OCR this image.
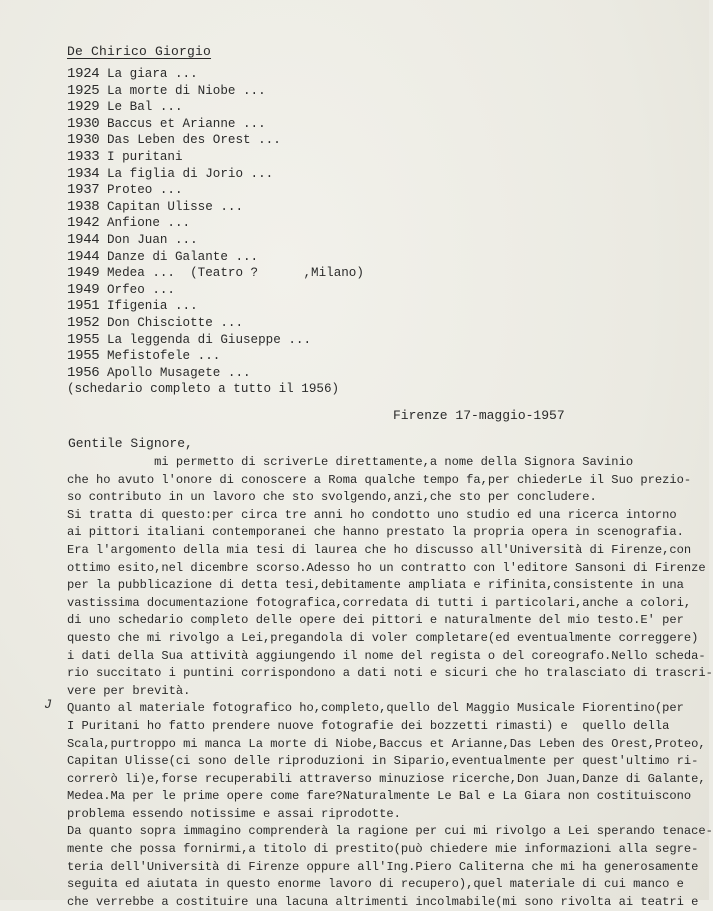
De Chirico Giorgio
1924 La giara ...
1925 La morte di Niobe ...
1929 Le Bal ...
1930 Baccus et Arianne ...
1930 Das Leben des Orest ...
1933 I puritani
1934 La figlia di Jorio ...
1937 Proteo ...
1938 Capitan Ulisse ...
1942 Anfione ...
1944 Don Juan ...
1944 Danze di Galante ...
1949 Medea ...  (Teatro ?      ,Milano)
1949 Orfeo ...
1951 Ifigenia ...
1952 Don Chisciotte ...
1955 La leggenda di Giuseppe ...
1955 Mefistofele ...
1956 Apollo Musagete ...
(schedario completo a tutto il 1956)
Firenze 17-maggio-1957
Gentile Signore,
J
mi permetto di scriverLe direttamente,a nome della Signora Savinio
che ho avuto l'onore di conoscere a Roma qualche tempo fa,per chiederLe il Suo prezio-
so contributo in un lavoro che sto svolgendo,anzi,che sto per concludere.
Si tratta di questo:per circa tre anni ho condotto uno studio ed una ricerca intorno
ai pittori italiani contemporanei che hanno prestato la propria opera in scenografia.
Era l'argomento della mia tesi di laurea che ho discusso all'Università di Firenze,con
ottimo esito,nel dicembre scorso.Adesso ho un contratto con l'editore Sansoni di Firenze
per la pubblicazione di detta tesi,debitamente ampliata e rifinita,consistente in una
vastissima documentazione fotografica,corredata di tutti i particolari,anche a colori,
di uno schedario completo delle opere dei pittori e naturalmente del mio testo.E' per
questo che mi rivolgo a Lei,pregandola di voler completare(ed eventualmente correggere)
i dati della Sua attività aggiungendo il nome del regista o del coreografo.Nello schedа-
rio succitato i puntini corrispondono a dati noti e sicuri che ho tralasciato di trascri-
vere per brevità.
Quanto al materiale fotografico ho,completo,quello del Maggio Musicale Fiorentino(per
I Puritani ho fatto prendere nuove fotografie dei bozzetti rimasti) e  quello della
Scala,purtroppo mi manca La morte di Niobe,Baccus et Arianne,Das Leben des Orest,Proteo,
Capitan Ulisse(ci sono delle riproduzioni in Sipario,eventualmente per quest'ultimo ri-
correrò li)e,forse recuperabili attraverso minuziose ricerche,Don Juan,Danze di Galante,
Medea.Ma per le prime opere come fare?Naturalmente Le Bal e La Giara non costituiscono
problema essendo notissime e assai riprodotte.
Da quanto sopra immagino comprenderà la ragione per cui mi rivolgo a Lei sperando tenace-
mente che possa fornirmi,a titolo di prestito(può chiedere mie informazioni alla segre-
teria dell'Università di Firenze oppure all'Ing.Piero Caliterna che mi ha generosamente
seguita ed aiutata in questo enorme lavoro di recupero),quel materiale di cui manco e
che verrebbe a costituire una lacuna altrimenti incolmabile(mi sono rivolta ai teatri e
